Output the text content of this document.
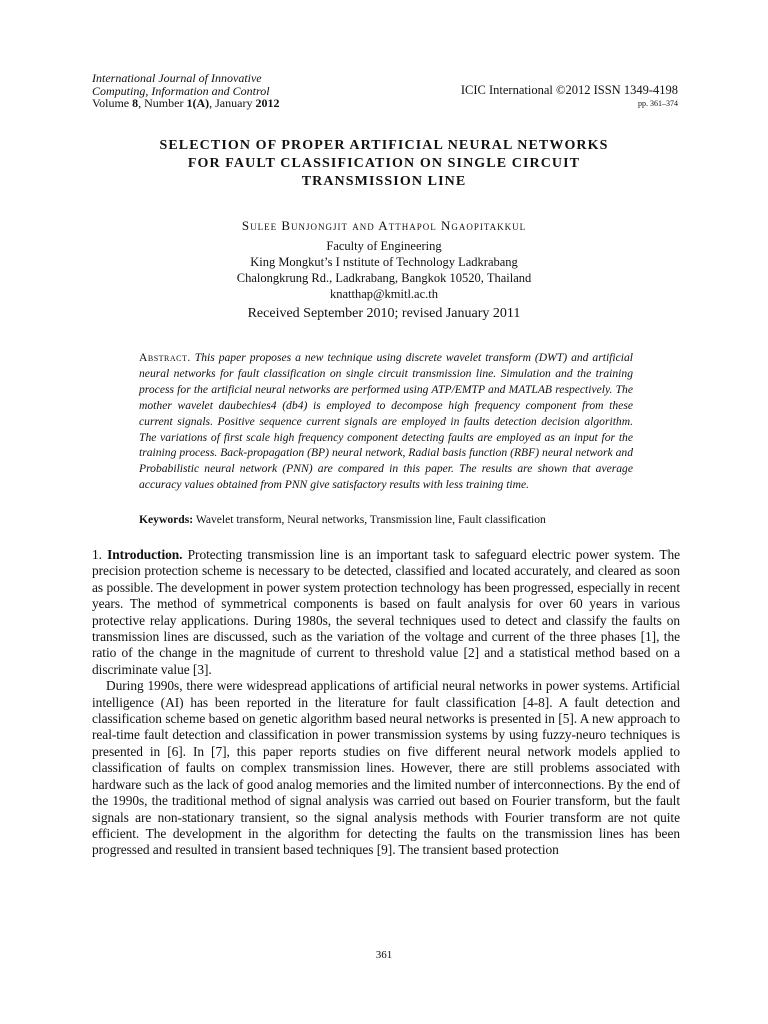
International Journal of Innovative
Computing, Information and Control
Volume 8, Number 1(A), January 2012
ICIC International ©2012 ISSN 1349-4198
pp. 361–374
SELECTION OF PROPER ARTIFICIAL NEURAL NETWORKS
FOR FAULT CLASSIFICATION ON SINGLE CIRCUIT
TRANSMISSION LINE
Sulee Bunjongjit and Atthapol Ngaopitakkul
Faculty of Engineering
King Mongkut’s I nstitute of Technology Ladkrabang
Chalongkrung Rd., Ladkrabang, Bangkok 10520, Thailand
knatthap@kmitl.ac.th
Received September 2010; revised January 2011
Abstract. This paper proposes a new technique using discrete wavelet transform (DWT) and artificial neural networks for fault classification on single circuit transmission line. Simulation and the training process for the artificial neural networks are performed using ATP/EMTP and MATLAB respectively. The mother wavelet daubechies4 (db4) is employed to decompose high frequency component from these current signals. Positive sequence current signals are employed in faults detection decision algorithm. The variations of first scale high frequency component detecting faults are employed as an input for the training process. Back-propagation (BP) neural network, Radial basis function (RBF) neural network and Probabilistic neural network (PNN) are compared in this paper. The results are shown that average accuracy values obtained from PNN give satisfactory results with less training time.
Keywords: Wavelet transform, Neural networks, Transmission line, Fault classification

1. Introduction. Protecting transmission line is an important task to safeguard electric power system. The precision protection scheme is necessary to be detected, classified and located accurately, and cleared as soon as possible. The development in power system protection technology has been progressed, especially in recent years. The method of symmetrical components is based on fault analysis for over 60 years in various protective relay applications. During 1980s, the several techniques used to detect and classify the faults on transmission lines are discussed, such as the variation of the voltage and current of the three phases [1], the ratio of the change in the magnitude of current to threshold value [2] and a statistical method based on a discriminate value [3].

During 1990s, there were widespread applications of artificial neural networks in power systems. Artificial intelligence (AI) has been reported in the literature for fault classification [4-8]. A fault detection and classification scheme based on genetic algorithm based neural networks is presented in [5]. A new approach to real-time fault detection and classification in power transmission systems by using fuzzy-neuro techniques is presented in [6]. In [7], this paper reports studies on five different neural network models applied to classification of faults on complex transmission lines. However, there are still problems associated with hardware such as the lack of good analog memories and the limited number of interconnections. By the end of the 1990s, the traditional method of signal analysis was carried out based on Fourier transform, but the fault signals are non-stationary transient, so the signal analysis methods with Fourier transform are not quite efficient. The development in the algorithm for detecting the faults on the transmission lines has been progressed and resulted in transient based techniques [9]. The transient based protection

361
